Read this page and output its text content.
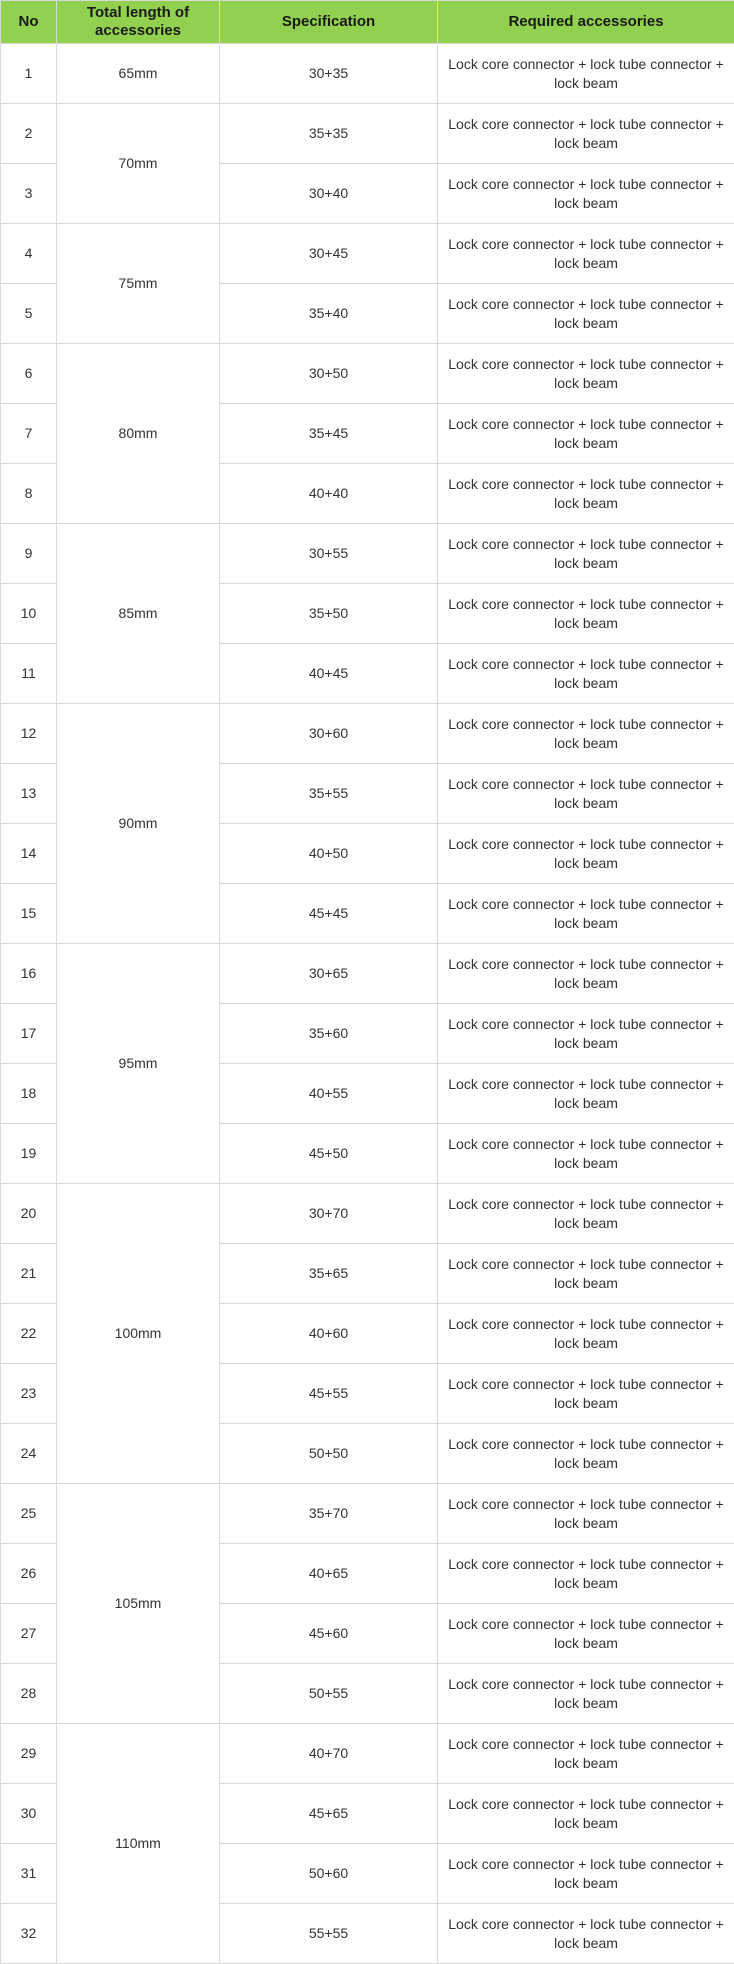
No	Total length of accessories	Specification	Required accessories
1	65mm	30+35	Lock core connector + lock tube connector + lock beam
2	70mm	35+35	Lock core connector + lock tube connector + lock beam
3		30+40	Lock core connector + lock tube connector + lock beam
4	75mm	30+45	Lock core connector + lock tube connector + lock beam
5		35+40	Lock core connector + lock tube connector + lock beam
6	80mm	30+50	Lock core connector + lock tube connector + lock beam
7		35+45	Lock core connector + lock tube connector + lock beam
8		40+40	Lock core connector + lock tube connector + lock beam
9	85mm	30+55	Lock core connector + lock tube connector + lock beam
10		35+50	Lock core connector + lock tube connector + lock beam
11		40+45	Lock core connector + lock tube connector + lock beam
12	90mm	30+60	Lock core connector + lock tube connector + lock beam
13		35+55	Lock core connector + lock tube connector + lock beam
14		40+50	Lock core connector + lock tube connector + lock beam
15		45+45	Lock core connector + lock tube connector + lock beam
16	95mm	30+65	Lock core connector + lock tube connector + lock beam
17		35+60	Lock core connector + lock tube connector + lock beam
18		40+55	Lock core connector + lock tube connector + lock beam
19		45+50	Lock core connector + lock tube connector + lock beam
20	100mm	30+70	Lock core connector + lock tube connector + lock beam
21		35+65	Lock core connector + lock tube connector + lock beam
22		40+60	Lock core connector + lock tube connector + lock beam
23		45+55	Lock core connector + lock tube connector + lock beam
24		50+50	Lock core connector + lock tube connector + lock beam
25	105mm	35+70	Lock core connector + lock tube connector + lock beam
26		40+65	Lock core connector + lock tube connector + lock beam
27		45+60	Lock core connector + lock tube connector + lock beam
28		50+55	Lock core connector + lock tube connector + lock beam
29	110mm	40+70	Lock core connector + lock tube connector + lock beam
30		45+65	Lock core connector + lock tube connector + lock beam
31		50+60	Lock core connector + lock tube connector + lock beam
32		55+55	Lock core connector + lock tube connector + lock beam
